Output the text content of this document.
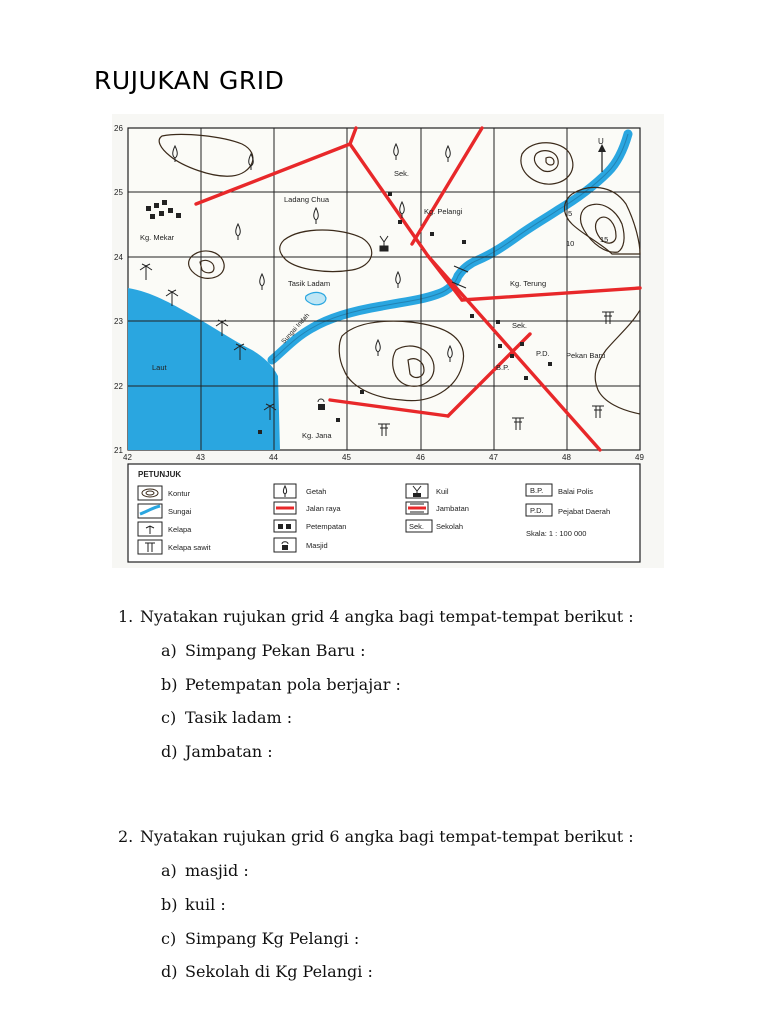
RUJUKAN GRID
Sek.
Ladang Chua
Kg. Pelangi
Kg. Mekar
Tasik Ladam	Kg. Terung
Sek.
P.D. Pekan Baru
B.P.
Laut
Kg. Jana
Sungai Indah
U
5
10	15
21
22
23
24
25
26
42	43	44	45	46	47	48	49
PETUNJUK
Kontur
Sungai
Kelapa
Kelapa sawit
Getah
Jalan raya
Petempatan
Masjid
Kuil
Jambatan
Sek. Sekolah
B.P. Balai Polis
P.D. Pejabat Daerah
Skala: 1 : 100 000
1. Nyatakan rujukan grid 4 angka bagi tempat-tempat berikut :
a) Simpang Pekan Baru :
b) Petempatan pola berjajar :
c) Tasik ladam :
d) Jambatan :
2. Nyatakan rujukan grid 6 angka bagi tempat-tempat berikut :
a) masjid :
b) kuil :
c) Simpang Kg Pelangi :
d) Sekolah di Kg Pelangi :
